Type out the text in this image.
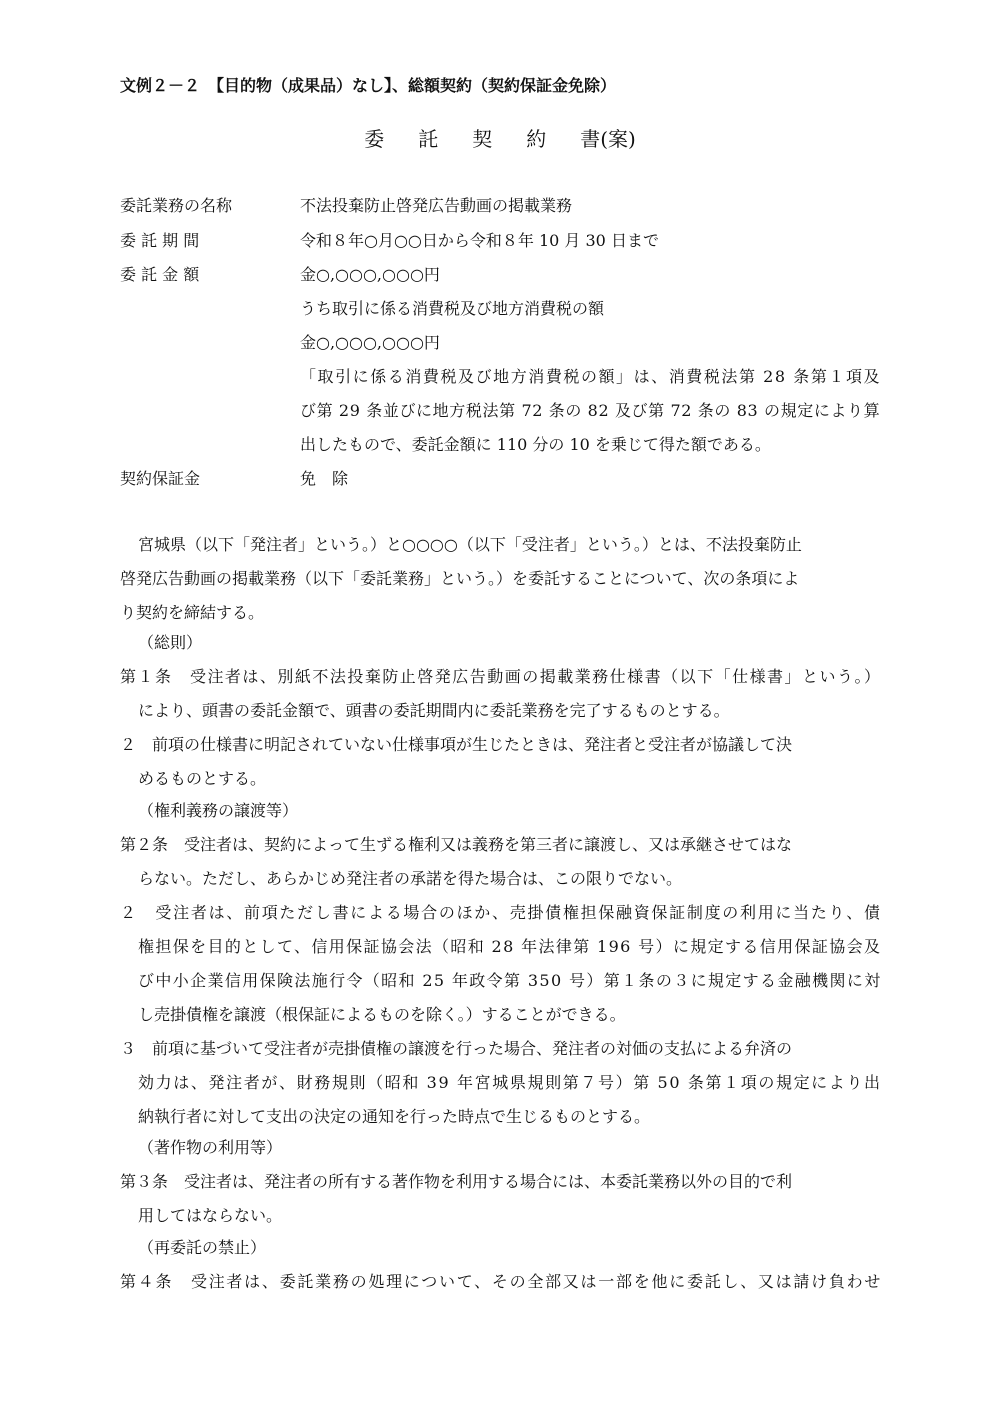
文例２－２　【目的物（成果品）なし】、総額契約（契約保証金免除）
委 託 契 約 書(案)
委託業務の名称	不法投棄防止啓発広告動画の掲載業務
委 託 期 間	令和８年○月○○日から令和８年 10 月 30 日まで
委 託 金 額	金○,○○○,○○○円
うち取引に係る消費税及び地方消費税の額
金○,○○○,○○○円
「取引に係る消費税及び地方消費税の額」は、消費税法第 28 条第１項及
び第 29 条並びに地方税法第 72 条の 82 及び第 72 条の 83 の規定により算
出したもので、委託金額に 110 分の 10 を乗じて得た額である。
契約保証金	免　除
宮城県（以下「発注者」という。）と○○○○（以下「受注者」という。）とは、不法投棄防止
啓発広告動画の掲載業務（以下「委託業務」という。）を委託することについて、次の条項によ
り契約を締結する。
（総則）
第１条　受注者は、別紙不法投棄防止啓発広告動画の掲載業務仕様書（以下「仕様書」という。）
により、頭書の委託金額で、頭書の委託期間内に委託業務を完了するものとする。
２　前項の仕様書に明記されていない仕様事項が生じたときは、発注者と受注者が協議して決
めるものとする。
（権利義務の譲渡等）
第２条　受注者は、契約によって生ずる権利又は義務を第三者に譲渡し、又は承継させてはな
らない。ただし、あらかじめ発注者の承諾を得た場合は、この限りでない。
２　受注者は、前項ただし書による場合のほか、売掛債権担保融資保証制度の利用に当たり、債
権担保を目的として、信用保証協会法（昭和 28 年法律第 196 号）に規定する信用保証協会及
び中小企業信用保険法施行令（昭和 25 年政令第 350 号）第１条の３に規定する金融機関に対
し売掛債権を譲渡（根保証によるものを除く。）することができる。
３　前項に基づいて受注者が売掛債権の譲渡を行った場合、発注者の対価の支払による弁済の
効力は、発注者が、財務規則（昭和 39 年宮城県規則第７号）第 50 条第１項の規定により出
納執行者に対して支出の決定の通知を行った時点で生じるものとする。
（著作物の利用等）
第３条　受注者は、発注者の所有する著作物を利用する場合には、本委託業務以外の目的で利
用してはならない。
（再委託の禁止）
第４条　受注者は、委託業務の処理について、その全部又は一部を他に委託し、又は請け負わせ
